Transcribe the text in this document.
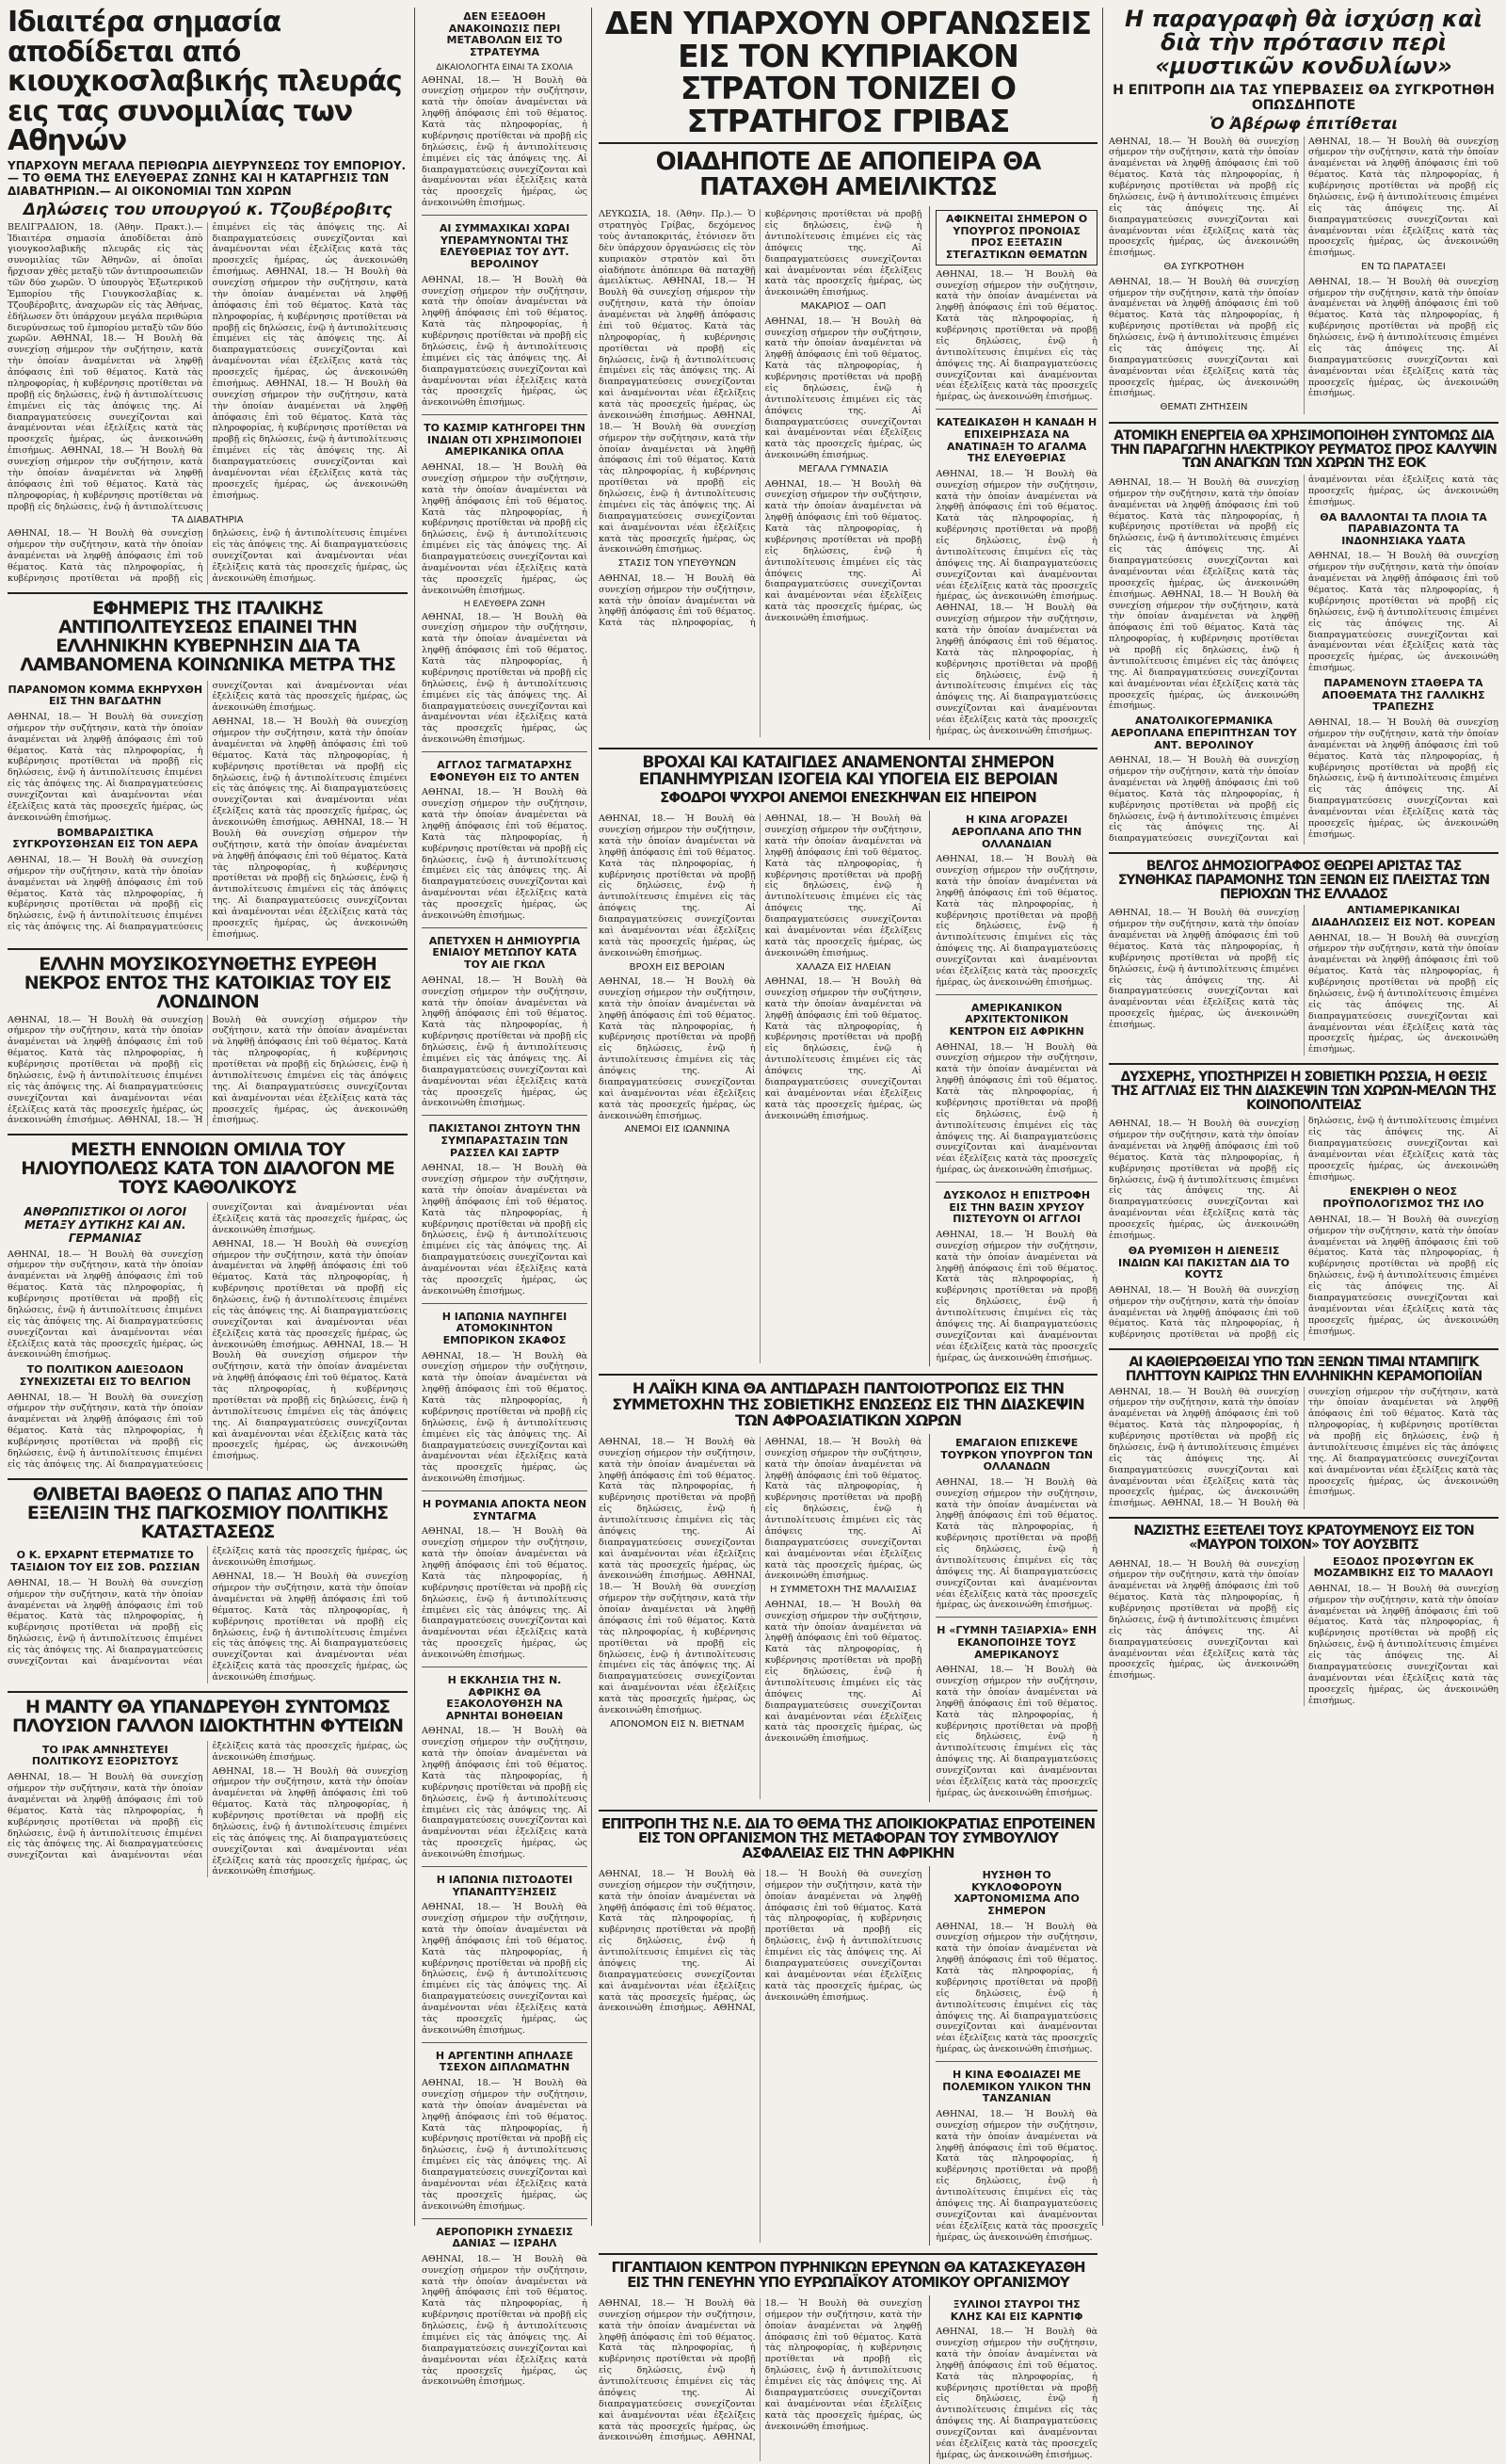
Ιδιαιτέρα σημασία αποδίδεται από κιουχκοσλαβικής πλευράς εις τας συνομιλίας των Αθηνών

ΥΠΑΡΧΟΥΝ ΜΕΓΑΛΑ ΠΕΡΙΘΩΡΙΑ ΔΙΕΥΡΥΝΣΕΩΣ ΤΟΥ ΕΜΠΟΡΙΟΥ.— ΤΟ ΘΕΜΑ ΤΗΣ ΕΛΕΥΘΕΡΑΣ ΖΩΝΗΣ ΚΑΙ Η ΚΑΤΑΡΓΗΣΙΣ ΤΩΝ ΔΙΑΒΑΤΗΡΙΩΝ.— ΑΙ ΟΙΚΟΝΟΜΙΑΙ ΤΩΝ ΧΩΡΩΝ

Δηλώσεις του υπουργού κ. Τζουβέροβιτς

ΒΕΛΙΓΡΑΔΙΟΝ, 18. (Ἀθην. Πρακτ.).— Ἰδιαιτέρα σημασία ἀποδίδεται ἀπὸ γιουγκοσλαβικῆς πλευρᾶς εἰς τὰς συνομιλίας τῶν Ἀθηνῶν, αἱ ὁποῖαι ἤρχισαν χθὲς μεταξὺ τῶν ἀντιπροσωπειῶν τῶν δύο χωρῶν. Ὁ ὑπουργὸς Ἐξωτερικοῦ Ἐμπορίου τῆς Γιουγκοσλαβίας κ. Τζουβέροβιτς, ἀναχωρῶν εἰς τὰς Ἀθήνας, ἐδήλωσεν ὅτι ὑπάρχουν μεγάλα περιθώρια διευρύνσεως τοῦ ἐμπορίου μεταξὺ τῶν δύο χωρῶν. ΑΘΗΝΑΙ, 18.— Ἡ Βουλὴ θὰ συνεχίσῃ σήμερον τὴν συζήτησιν, κατὰ τὴν ὁποίαν ἀναμένεται νὰ ληφθῇ ἀπόφασις ἐπὶ τοῦ θέματος. Κατὰ τὰς πληροφορίας, ἡ κυβέρνησις προτίθεται νὰ προβῇ εἰς δηλώσεις, ἐνῷ ἡ ἀντιπολίτευσις ἐπιμένει εἰς τὰς ἀπόψεις της. Αἱ διαπραγματεύσεις συνεχίζονται καὶ ἀναμένονται νέαι ἐξελίξεις κατὰ τὰς προσεχεῖς ἡμέρας, ὡς ἀνεκοινώθη ἐπισήμως. ΑΘΗΝΑΙ, 18.— Ἡ Βουλὴ θὰ συνεχίσῃ σήμερον τὴν συζήτησιν, κατὰ τὴν ὁποίαν ἀναμένεται νὰ ληφθῇ ἀπόφασις ἐπὶ τοῦ θέματος. Κατὰ τὰς πληροφορίας, ἡ κυβέρνησις προτίθεται νὰ προβῇ εἰς δηλώσεις, ἐνῷ ἡ ἀντιπολίτευσις ἐπιμένει εἰς τὰς ἀπόψεις της. Αἱ διαπραγματεύσεις συνεχίζονται καὶ ἀναμένονται νέαι ἐξελίξεις κατὰ τὰς προσεχεῖς ἡμέρας, ὡς ἀνεκοινώθη ἐπισήμως. ΑΘΗΝΑΙ, 18.— Ἡ Βουλὴ θὰ συνεχίσῃ σήμερον τὴν συζήτησιν, κατὰ τὴν ὁποίαν ἀναμένεται νὰ ληφθῇ ἀπόφασις ἐπὶ τοῦ θέματος. Κατὰ τὰς πληροφορίας, ἡ κυβέρνησις προτίθεται νὰ προβῇ εἰς δηλώσεις, ἐνῷ ἡ ἀντιπολίτευσις ἐπιμένει εἰς τὰς ἀπόψεις της. Αἱ διαπραγματεύσεις συνεχίζονται καὶ ἀναμένονται νέαι ἐξελίξεις κατὰ τὰς προσεχεῖς ἡμέρας, ὡς ἀνεκοινώθη ἐπισήμως. ΑΘΗΝΑΙ, 18.— Ἡ Βουλὴ θὰ συνεχίσῃ σήμερον τὴν συζήτησιν, κατὰ τὴν ὁποίαν ἀναμένεται νὰ ληφθῇ ἀπόφασις ἐπὶ τοῦ θέματος. Κατὰ τὰς πληροφορίας, ἡ κυβέρνησις προτίθεται νὰ προβῇ εἰς δηλώσεις, ἐνῷ ἡ ἀντιπολίτευσις ἐπιμένει εἰς τὰς ἀπόψεις της. Αἱ διαπραγματεύσεις συνεχίζονται καὶ ἀναμένονται νέαι ἐξελίξεις κατὰ τὰς προσεχεῖς ἡμέρας, ὡς ἀνεκοινώθη ἐπισήμως.

ΤΑ ΔΙΑΒΑΤΗΡΙΑ

ΑΘΗΝΑΙ, 18.— Ἡ Βουλὴ θὰ συνεχίσῃ σήμερον τὴν συζήτησιν, κατὰ τὴν ὁποίαν ἀναμένεται νὰ ληφθῇ ἀπόφασις ἐπὶ τοῦ θέματος. Κατὰ τὰς πληροφορίας, ἡ κυβέρνησις προτίθεται νὰ προβῇ εἰς δηλώσεις, ἐνῷ ἡ ἀντιπολίτευσις ἐπιμένει εἰς τὰς ἀπόψεις της. Αἱ διαπραγματεύσεις συνεχίζονται καὶ ἀναμένονται νέαι ἐξελίξεις κατὰ τὰς προσεχεῖς ἡμέρας, ὡς ἀνεκοινώθη ἐπισήμως.
ΕΦΗΜΕΡΙΣ ΤΗΣ ΙΤΑΛΙΚΗΣ ΑΝΤΙΠΟΛΙΤΕΥΣΕΩΣ ΕΠΑΙΝΕΙ ΤΗΝ ΕΛΛΗΝΙΚΗΝ ΚΥΒΕΡΝΗΣΙΝ ΔΙΑ ΤΑ ΛΑΜΒΑΝΟΜΕΝΑ ΚΟΙΝΩΝΙΚΑ ΜΕΤΡΑ ΤΗΣ

ΠΑΡΑΝΟΜΟΝ ΚΟΜΜΑ ΕΚΗΡΥΧΘΗ ΕΙΣ ΤΗΝ ΒΑΓΔΑΤΗΝ

ΑΘΗΝΑΙ, 18.— Ἡ Βουλὴ θὰ συνεχίσῃ σήμερον τὴν συζήτησιν, κατὰ τὴν ὁποίαν ἀναμένεται νὰ ληφθῇ ἀπόφασις ἐπὶ τοῦ θέματος. Κατὰ τὰς πληροφορίας, ἡ κυβέρνησις προτίθεται νὰ προβῇ εἰς δηλώσεις, ἐνῷ ἡ ἀντιπολίτευσις ἐπιμένει εἰς τὰς ἀπόψεις της. Αἱ διαπραγματεύσεις συνεχίζονται καὶ ἀναμένονται νέαι ἐξελίξεις κατὰ τὰς προσεχεῖς ἡμέρας, ὡς ἀνεκοινώθη ἐπισήμως.

ΒΟΜΒΑΡΔΙΣΤΙΚΑ ΣΥΓΚΡΟΥΣΘΗΣΑΝ ΕΙΣ ΤΟΝ ΑΕΡΑ

ΑΘΗΝΑΙ, 18.— Ἡ Βουλὴ θὰ συνεχίσῃ σήμερον τὴν συζήτησιν, κατὰ τὴν ὁποίαν ἀναμένεται νὰ ληφθῇ ἀπόφασις ἐπὶ τοῦ θέματος. Κατὰ τὰς πληροφορίας, ἡ κυβέρνησις προτίθεται νὰ προβῇ εἰς δηλώσεις, ἐνῷ ἡ ἀντιπολίτευσις ἐπιμένει εἰς τὰς ἀπόψεις της. Αἱ διαπραγματεύσεις συνεχίζονται καὶ ἀναμένονται νέαι ἐξελίξεις κατὰ τὰς προσεχεῖς ἡμέρας, ὡς ἀνεκοινώθη ἐπισήμως.
ΑΘΗΝΑΙ, 18.— Ἡ Βουλὴ θὰ συνεχίσῃ σήμερον τὴν συζήτησιν, κατὰ τὴν ὁποίαν ἀναμένεται νὰ ληφθῇ ἀπόφασις ἐπὶ τοῦ θέματος. Κατὰ τὰς πληροφορίας, ἡ κυβέρνησις προτίθεται νὰ προβῇ εἰς δηλώσεις, ἐνῷ ἡ ἀντιπολίτευσις ἐπιμένει εἰς τὰς ἀπόψεις της. Αἱ διαπραγματεύσεις συνεχίζονται καὶ ἀναμένονται νέαι ἐξελίξεις κατὰ τὰς προσεχεῖς ἡμέρας, ὡς ἀνεκοινώθη ἐπισήμως. ΑΘΗΝΑΙ, 18.— Ἡ Βουλὴ θὰ συνεχίσῃ σήμερον τὴν συζήτησιν, κατὰ τὴν ὁποίαν ἀναμένεται νὰ ληφθῇ ἀπόφασις ἐπὶ τοῦ θέματος. Κατὰ τὰς πληροφορίας, ἡ κυβέρνησις προτίθεται νὰ προβῇ εἰς δηλώσεις, ἐνῷ ἡ ἀντιπολίτευσις ἐπιμένει εἰς τὰς ἀπόψεις της. Αἱ διαπραγματεύσεις συνεχίζονται καὶ ἀναμένονται νέαι ἐξελίξεις κατὰ τὰς προσεχεῖς ἡμέρας, ὡς ἀνεκοινώθη ἐπισήμως.
ΕΛΛΗΝ ΜΟΥΣΙΚΟΣΥΝΘΕΤΗΣ ΕΥΡΕΘΗ ΝΕΚΡΟΣ ΕΝΤΟΣ ΤΗΣ ΚΑΤΟΙΚΙΑΣ ΤΟΥ ΕΙΣ ΛΟΝΔΙΝΟΝ
ΑΘΗΝΑΙ, 18.— Ἡ Βουλὴ θὰ συνεχίσῃ σήμερον τὴν συζήτησιν, κατὰ τὴν ὁποίαν ἀναμένεται νὰ ληφθῇ ἀπόφασις ἐπὶ τοῦ θέματος. Κατὰ τὰς πληροφορίας, ἡ κυβέρνησις προτίθεται νὰ προβῇ εἰς δηλώσεις, ἐνῷ ἡ ἀντιπολίτευσις ἐπιμένει εἰς τὰς ἀπόψεις της. Αἱ διαπραγματεύσεις συνεχίζονται καὶ ἀναμένονται νέαι ἐξελίξεις κατὰ τὰς προσεχεῖς ἡμέρας, ὡς ἀνεκοινώθη ἐπισήμως. ΑΘΗΝΑΙ, 18.— Ἡ Βουλὴ θὰ συνεχίσῃ σήμερον τὴν συζήτησιν, κατὰ τὴν ὁποίαν ἀναμένεται νὰ ληφθῇ ἀπόφασις ἐπὶ τοῦ θέματος. Κατὰ τὰς πληροφορίας, ἡ κυβέρνησις προτίθεται νὰ προβῇ εἰς δηλώσεις, ἐνῷ ἡ ἀντιπολίτευσις ἐπιμένει εἰς τὰς ἀπόψεις της. Αἱ διαπραγματεύσεις συνεχίζονται καὶ ἀναμένονται νέαι ἐξελίξεις κατὰ τὰς προσεχεῖς ἡμέρας, ὡς ἀνεκοινώθη ἐπισήμως.
ΜΕΣΤΗ ΕΝΝΟΙΩΝ ΟΜΙΛΙΑ ΤΟΥ ΗΛΙΟΥΠΟΛΕΩΣ ΚΑΤΑ ΤΟΝ ΔΙΑΛΟΓΟΝ ΜΕ ΤΟΥΣ ΚΑΘΟΛΙΚΟΥΣ

ΑΝΘΡΩΠΙΣΤΙΚΟΙ ΟΙ ΛΟΓΟΙ ΜΕΤΑΞΥ ΔΥΤΙΚΗΣ ΚΑΙ ΑΝ. ΓΕΡΜΑΝΙΑΣ

ΑΘΗΝΑΙ, 18.— Ἡ Βουλὴ θὰ συνεχίσῃ σήμερον τὴν συζήτησιν, κατὰ τὴν ὁποίαν ἀναμένεται νὰ ληφθῇ ἀπόφασις ἐπὶ τοῦ θέματος. Κατὰ τὰς πληροφορίας, ἡ κυβέρνησις προτίθεται νὰ προβῇ εἰς δηλώσεις, ἐνῷ ἡ ἀντιπολίτευσις ἐπιμένει εἰς τὰς ἀπόψεις της. Αἱ διαπραγματεύσεις συνεχίζονται καὶ ἀναμένονται νέαι ἐξελίξεις κατὰ τὰς προσεχεῖς ἡμέρας, ὡς ἀνεκοινώθη ἐπισήμως.

ΤΟ ΠΟΛΙΤΙΚΟΝ ΑΔΙΕΞΟΔΟΝ ΣΥΝΕΧΙΖΕΤΑΙ ΕΙΣ ΤΟ ΒΕΛΓΙΟΝ

ΑΘΗΝΑΙ, 18.— Ἡ Βουλὴ θὰ συνεχίσῃ σήμερον τὴν συζήτησιν, κατὰ τὴν ὁποίαν ἀναμένεται νὰ ληφθῇ ἀπόφασις ἐπὶ τοῦ θέματος. Κατὰ τὰς πληροφορίας, ἡ κυβέρνησις προτίθεται νὰ προβῇ εἰς δηλώσεις, ἐνῷ ἡ ἀντιπολίτευσις ἐπιμένει εἰς τὰς ἀπόψεις της. Αἱ διαπραγματεύσεις συνεχίζονται καὶ ἀναμένονται νέαι ἐξελίξεις κατὰ τὰς προσεχεῖς ἡμέρας, ὡς ἀνεκοινώθη ἐπισήμως.
ΑΘΗΝΑΙ, 18.— Ἡ Βουλὴ θὰ συνεχίσῃ σήμερον τὴν συζήτησιν, κατὰ τὴν ὁποίαν ἀναμένεται νὰ ληφθῇ ἀπόφασις ἐπὶ τοῦ θέματος. Κατὰ τὰς πληροφορίας, ἡ κυβέρνησις προτίθεται νὰ προβῇ εἰς δηλώσεις, ἐνῷ ἡ ἀντιπολίτευσις ἐπιμένει εἰς τὰς ἀπόψεις της. Αἱ διαπραγματεύσεις συνεχίζονται καὶ ἀναμένονται νέαι ἐξελίξεις κατὰ τὰς προσεχεῖς ἡμέρας, ὡς ἀνεκοινώθη ἐπισήμως. ΑΘΗΝΑΙ, 18.— Ἡ Βουλὴ θὰ συνεχίσῃ σήμερον τὴν συζήτησιν, κατὰ τὴν ὁποίαν ἀναμένεται νὰ ληφθῇ ἀπόφασις ἐπὶ τοῦ θέματος. Κατὰ τὰς πληροφορίας, ἡ κυβέρνησις προτίθεται νὰ προβῇ εἰς δηλώσεις, ἐνῷ ἡ ἀντιπολίτευσις ἐπιμένει εἰς τὰς ἀπόψεις της. Αἱ διαπραγματεύσεις συνεχίζονται καὶ ἀναμένονται νέαι ἐξελίξεις κατὰ τὰς προσεχεῖς ἡμέρας, ὡς ἀνεκοινώθη ἐπισήμως.
ΘΛΙΒΕΤΑΙ ΒΑΘΕΩΣ Ο ΠΑΠΑΣ ΑΠΟ ΤΗΝ ΕΞΕΛΙΞΙΝ ΤΗΣ ΠΑΓΚΟΣΜΙΟΥ ΠΟΛΙΤΙΚΗΣ ΚΑΤΑΣΤΑΣΕΩΣ

Ο Κ. ΕΡΧΑΡΝΤ ΕΤΕΡΜΑΤΙΣΕ ΤΟ ΤΑΞΙΔΙΟΝ ΤΟΥ ΕΙΣ ΣΟΒ. ΡΩΣΣΙΑΝ

ΑΘΗΝΑΙ, 18.— Ἡ Βουλὴ θὰ συνεχίσῃ σήμερον τὴν συζήτησιν, κατὰ τὴν ὁποίαν ἀναμένεται νὰ ληφθῇ ἀπόφασις ἐπὶ τοῦ θέματος. Κατὰ τὰς πληροφορίας, ἡ κυβέρνησις προτίθεται νὰ προβῇ εἰς δηλώσεις, ἐνῷ ἡ ἀντιπολίτευσις ἐπιμένει εἰς τὰς ἀπόψεις της. Αἱ διαπραγματεύσεις συνεχίζονται καὶ ἀναμένονται νέαι ἐξελίξεις κατὰ τὰς προσεχεῖς ἡμέρας, ὡς ἀνεκοινώθη ἐπισήμως.
ΑΘΗΝΑΙ, 18.— Ἡ Βουλὴ θὰ συνεχίσῃ σήμερον τὴν συζήτησιν, κατὰ τὴν ὁποίαν ἀναμένεται νὰ ληφθῇ ἀπόφασις ἐπὶ τοῦ θέματος. Κατὰ τὰς πληροφορίας, ἡ κυβέρνησις προτίθεται νὰ προβῇ εἰς δηλώσεις, ἐνῷ ἡ ἀντιπολίτευσις ἐπιμένει εἰς τὰς ἀπόψεις της. Αἱ διαπραγματεύσεις συνεχίζονται καὶ ἀναμένονται νέαι ἐξελίξεις κατὰ τὰς προσεχεῖς ἡμέρας, ὡς ἀνεκοινώθη ἐπισήμως.
Η ΜΑΝΤΥ ΘΑ ΥΠΑΝΔΡΕΥΘΗ ΣΥΝΤΟΜΩΣ ΠΛΟΥΣΙΟΝ ΓΑΛΛΟΝ ΙΔΙΟΚΤΗΤΗΝ ΦΥΤΕΙΩΝ

ΤΟ ΙΡΑΚ ΑΜΝΗΣΤΕΥΕΙ ΠΟΛΙΤΙΚΟΥΣ ΕΞΟΡΙΣΤΟΥΣ

ΑΘΗΝΑΙ, 18.— Ἡ Βουλὴ θὰ συνεχίσῃ σήμερον τὴν συζήτησιν, κατὰ τὴν ὁποίαν ἀναμένεται νὰ ληφθῇ ἀπόφασις ἐπὶ τοῦ θέματος. Κατὰ τὰς πληροφορίας, ἡ κυβέρνησις προτίθεται νὰ προβῇ εἰς δηλώσεις, ἐνῷ ἡ ἀντιπολίτευσις ἐπιμένει εἰς τὰς ἀπόψεις της. Αἱ διαπραγματεύσεις συνεχίζονται καὶ ἀναμένονται νέαι ἐξελίξεις κατὰ τὰς προσεχεῖς ἡμέρας, ὡς ἀνεκοινώθη ἐπισήμως.
ΑΘΗΝΑΙ, 18.— Ἡ Βουλὴ θὰ συνεχίσῃ σήμερον τὴν συζήτησιν, κατὰ τὴν ὁποίαν ἀναμένεται νὰ ληφθῇ ἀπόφασις ἐπὶ τοῦ θέματος. Κατὰ τὰς πληροφορίας, ἡ κυβέρνησις προτίθεται νὰ προβῇ εἰς δηλώσεις, ἐνῷ ἡ ἀντιπολίτευσις ἐπιμένει εἰς τὰς ἀπόψεις της. Αἱ διαπραγματεύσεις συνεχίζονται καὶ ἀναμένονται νέαι ἐξελίξεις κατὰ τὰς προσεχεῖς ἡμέρας, ὡς ἀνεκοινώθη ἐπισήμως.

ΔΕΝ ΕΞΕΔΟΘΗ ΑΝΑΚΟΙΝΩΣΙΣ ΠΕΡΙ ΜΕΤΑΒΟΛΩΝ ΕΙΣ ΤΟ ΣΤΡΑΤΕΥΜΑ

ΔΙΚΑΙΟΛΟΓΗΤΑ ΕΙΝΑΙ ΤΑ ΣΧΟΛΙΑ

ΑΘΗΝΑΙ, 18.— Ἡ Βουλὴ θὰ συνεχίσῃ σήμερον τὴν συζήτησιν, κατὰ τὴν ὁποίαν ἀναμένεται νὰ ληφθῇ ἀπόφασις ἐπὶ τοῦ θέματος. Κατὰ τὰς πληροφορίας, ἡ κυβέρνησις προτίθεται νὰ προβῇ εἰς δηλώσεις, ἐνῷ ἡ ἀντιπολίτευσις ἐπιμένει εἰς τὰς ἀπόψεις της. Αἱ διαπραγματεύσεις συνεχίζονται καὶ ἀναμένονται νέαι ἐξελίξεις κατὰ τὰς προσεχεῖς ἡμέρας, ὡς ἀνεκοινώθη ἐπισήμως.

ΑΙ ΣΥΜΜΑΧΙΚΑΙ ΧΩΡΑΙ ΥΠΕΡΑΜΥΝΟΝΤΑΙ ΤΗΣ ΕΛΕΥΘΕΡΙΑΣ ΤΟΥ ΔΥΤ. ΒΕΡΟΛΙΝΟΥ

ΑΘΗΝΑΙ, 18.— Ἡ Βουλὴ θὰ συνεχίσῃ σήμερον τὴν συζήτησιν, κατὰ τὴν ὁποίαν ἀναμένεται νὰ ληφθῇ ἀπόφασις ἐπὶ τοῦ θέματος. Κατὰ τὰς πληροφορίας, ἡ κυβέρνησις προτίθεται νὰ προβῇ εἰς δηλώσεις, ἐνῷ ἡ ἀντιπολίτευσις ἐπιμένει εἰς τὰς ἀπόψεις της. Αἱ διαπραγματεύσεις συνεχίζονται καὶ ἀναμένονται νέαι ἐξελίξεις κατὰ τὰς προσεχεῖς ἡμέρας, ὡς ἀνεκοινώθη ἐπισήμως.

ΤΟ ΚΑΣΜΙΡ ΚΑΤΗΓΟΡΕΙ ΤΗΝ ΙΝΔΙΑΝ ΟΤΙ ΧΡΗΣΙΜΟΠΟΙΕΙ ΑΜΕΡΙΚΑΝΙΚΑ ΟΠΛΑ

ΑΘΗΝΑΙ, 18.— Ἡ Βουλὴ θὰ συνεχίσῃ σήμερον τὴν συζήτησιν, κατὰ τὴν ὁποίαν ἀναμένεται νὰ ληφθῇ ἀπόφασις ἐπὶ τοῦ θέματος. Κατὰ τὰς πληροφορίας, ἡ κυβέρνησις προτίθεται νὰ προβῇ εἰς δηλώσεις, ἐνῷ ἡ ἀντιπολίτευσις ἐπιμένει εἰς τὰς ἀπόψεις της. Αἱ διαπραγματεύσεις συνεχίζονται καὶ ἀναμένονται νέαι ἐξελίξεις κατὰ τὰς προσεχεῖς ἡμέρας, ὡς ἀνεκοινώθη ἐπισήμως.

Η ΕΛΕΥΘΕΡΑ ΖΩΝΗ

ΑΘΗΝΑΙ, 18.— Ἡ Βουλὴ θὰ συνεχίσῃ σήμερον τὴν συζήτησιν, κατὰ τὴν ὁποίαν ἀναμένεται νὰ ληφθῇ ἀπόφασις ἐπὶ τοῦ θέματος. Κατὰ τὰς πληροφορίας, ἡ κυβέρνησις προτίθεται νὰ προβῇ εἰς δηλώσεις, ἐνῷ ἡ ἀντιπολίτευσις ἐπιμένει εἰς τὰς ἀπόψεις της. Αἱ διαπραγματεύσεις συνεχίζονται καὶ ἀναμένονται νέαι ἐξελίξεις κατὰ τὰς προσεχεῖς ἡμέρας, ὡς ἀνεκοινώθη ἐπισήμως.

ΑΓΓΛΟΣ ΤΑΓΜΑΤΑΡΧΗΣ ΕΦΟΝΕΥΘΗ ΕΙΣ ΤΟ ΑΝΤΕΝ

ΑΘΗΝΑΙ, 18.— Ἡ Βουλὴ θὰ συνεχίσῃ σήμερον τὴν συζήτησιν, κατὰ τὴν ὁποίαν ἀναμένεται νὰ ληφθῇ ἀπόφασις ἐπὶ τοῦ θέματος. Κατὰ τὰς πληροφορίας, ἡ κυβέρνησις προτίθεται νὰ προβῇ εἰς δηλώσεις, ἐνῷ ἡ ἀντιπολίτευσις ἐπιμένει εἰς τὰς ἀπόψεις της. Αἱ διαπραγματεύσεις συνεχίζονται καὶ ἀναμένονται νέαι ἐξελίξεις κατὰ τὰς προσεχεῖς ἡμέρας, ὡς ἀνεκοινώθη ἐπισήμως.

ΑΠΕΤΥΧΕΝ Η ΔΗΜΙΟΥΡΓΙΑ ΕΝΙΑΙΟΥ ΜΕΤΩΠΟΥ ΚΑΤΑ ΤΟΥ ΑΙΕ ΓΚΩΛ

ΑΘΗΝΑΙ, 18.— Ἡ Βουλὴ θὰ συνεχίσῃ σήμερον τὴν συζήτησιν, κατὰ τὴν ὁποίαν ἀναμένεται νὰ ληφθῇ ἀπόφασις ἐπὶ τοῦ θέματος. Κατὰ τὰς πληροφορίας, ἡ κυβέρνησις προτίθεται νὰ προβῇ εἰς δηλώσεις, ἐνῷ ἡ ἀντιπολίτευσις ἐπιμένει εἰς τὰς ἀπόψεις της. Αἱ διαπραγματεύσεις συνεχίζονται καὶ ἀναμένονται νέαι ἐξελίξεις κατὰ τὰς προσεχεῖς ἡμέρας, ὡς ἀνεκοινώθη ἐπισήμως.

ΠΑΚΙΣΤΑΝΟΙ ΖΗΤΟΥΝ ΤΗΝ ΣΥΜΠΑΡΑΣΤΑΣΙΝ ΤΩΝ ΡΑΣΣΕΛ ΚΑΙ ΣΑΡΤΡ

ΑΘΗΝΑΙ, 18.— Ἡ Βουλὴ θὰ συνεχίσῃ σήμερον τὴν συζήτησιν, κατὰ τὴν ὁποίαν ἀναμένεται νὰ ληφθῇ ἀπόφασις ἐπὶ τοῦ θέματος. Κατὰ τὰς πληροφορίας, ἡ κυβέρνησις προτίθεται νὰ προβῇ εἰς δηλώσεις, ἐνῷ ἡ ἀντιπολίτευσις ἐπιμένει εἰς τὰς ἀπόψεις της. Αἱ διαπραγματεύσεις συνεχίζονται καὶ ἀναμένονται νέαι ἐξελίξεις κατὰ τὰς προσεχεῖς ἡμέρας, ὡς ἀνεκοινώθη ἐπισήμως.

Η ΙΑΠΩΝΙΑ ΝΑΥΠΗΓΕΙ ΑΤΟΜΟΚΙΝΗΤΟΝ ΕΜΠΟΡΙΚΟΝ ΣΚΑΦΟΣ

ΑΘΗΝΑΙ, 18.— Ἡ Βουλὴ θὰ συνεχίσῃ σήμερον τὴν συζήτησιν, κατὰ τὴν ὁποίαν ἀναμένεται νὰ ληφθῇ ἀπόφασις ἐπὶ τοῦ θέματος. Κατὰ τὰς πληροφορίας, ἡ κυβέρνησις προτίθεται νὰ προβῇ εἰς δηλώσεις, ἐνῷ ἡ ἀντιπολίτευσις ἐπιμένει εἰς τὰς ἀπόψεις της. Αἱ διαπραγματεύσεις συνεχίζονται καὶ ἀναμένονται νέαι ἐξελίξεις κατὰ τὰς προσεχεῖς ἡμέρας, ὡς ἀνεκοινώθη ἐπισήμως.

Η ΡΟΥΜΑΝΙΑ ΑΠΟΚΤΑ ΝΕΟΝ ΣΥΝΤΑΓΜΑ

ΑΘΗΝΑΙ, 18.— Ἡ Βουλὴ θὰ συνεχίσῃ σήμερον τὴν συζήτησιν, κατὰ τὴν ὁποίαν ἀναμένεται νὰ ληφθῇ ἀπόφασις ἐπὶ τοῦ θέματος. Κατὰ τὰς πληροφορίας, ἡ κυβέρνησις προτίθεται νὰ προβῇ εἰς δηλώσεις, ἐνῷ ἡ ἀντιπολίτευσις ἐπιμένει εἰς τὰς ἀπόψεις της. Αἱ διαπραγματεύσεις συνεχίζονται καὶ ἀναμένονται νέαι ἐξελίξεις κατὰ τὰς προσεχεῖς ἡμέρας, ὡς ἀνεκοινώθη ἐπισήμως.

Η ΕΚΚΛΗΣΙΑ ΤΗΣ Ν. ΑΦΡΙΚΗΣ ΘΑ ΕΞΑΚΟΛΟΥΘΗΣΗ ΝΑ ΑΡΝΗΤΑΙ ΒΟΗΘΕΙΑΝ

ΑΘΗΝΑΙ, 18.— Ἡ Βουλὴ θὰ συνεχίσῃ σήμερον τὴν συζήτησιν, κατὰ τὴν ὁποίαν ἀναμένεται νὰ ληφθῇ ἀπόφασις ἐπὶ τοῦ θέματος. Κατὰ τὰς πληροφορίας, ἡ κυβέρνησις προτίθεται νὰ προβῇ εἰς δηλώσεις, ἐνῷ ἡ ἀντιπολίτευσις ἐπιμένει εἰς τὰς ἀπόψεις της. Αἱ διαπραγματεύσεις συνεχίζονται καὶ ἀναμένονται νέαι ἐξελίξεις κατὰ τὰς προσεχεῖς ἡμέρας, ὡς ἀνεκοινώθη ἐπισήμως.

Η ΙΑΠΩΝΙΑ ΠΙΣΤΟΔΟΤΕΙ ΥΠΑΝΑΠΤΥΞΗΣΕΙΣ

ΑΘΗΝΑΙ, 18.— Ἡ Βουλὴ θὰ συνεχίσῃ σήμερον τὴν συζήτησιν, κατὰ τὴν ὁποίαν ἀναμένεται νὰ ληφθῇ ἀπόφασις ἐπὶ τοῦ θέματος. Κατὰ τὰς πληροφορίας, ἡ κυβέρνησις προτίθεται νὰ προβῇ εἰς δηλώσεις, ἐνῷ ἡ ἀντιπολίτευσις ἐπιμένει εἰς τὰς ἀπόψεις της. Αἱ διαπραγματεύσεις συνεχίζονται καὶ ἀναμένονται νέαι ἐξελίξεις κατὰ τὰς προσεχεῖς ἡμέρας, ὡς ἀνεκοινώθη ἐπισήμως.

Η ΑΡΓΕΝΤΙΝΗ ΑΠΗΛΑΣΕ ΤΣΕΧΟΝ ΔΙΠΛΩΜΑΤΗΝ

ΑΘΗΝΑΙ, 18.— Ἡ Βουλὴ θὰ συνεχίσῃ σήμερον τὴν συζήτησιν, κατὰ τὴν ὁποίαν ἀναμένεται νὰ ληφθῇ ἀπόφασις ἐπὶ τοῦ θέματος. Κατὰ τὰς πληροφορίας, ἡ κυβέρνησις προτίθεται νὰ προβῇ εἰς δηλώσεις, ἐνῷ ἡ ἀντιπολίτευσις ἐπιμένει εἰς τὰς ἀπόψεις της. Αἱ διαπραγματεύσεις συνεχίζονται καὶ ἀναμένονται νέαι ἐξελίξεις κατὰ τὰς προσεχεῖς ἡμέρας, ὡς ἀνεκοινώθη ἐπισήμως.

ΑΕΡΟΠΟΡΙΚΗ ΣΥΝΔΕΣΙΣ ΔΑΝΙΑΣ — ΙΣΡΑΗΛ

ΑΘΗΝΑΙ, 18.— Ἡ Βουλὴ θὰ συνεχίσῃ σήμερον τὴν συζήτησιν, κατὰ τὴν ὁποίαν ἀναμένεται νὰ ληφθῇ ἀπόφασις ἐπὶ τοῦ θέματος. Κατὰ τὰς πληροφορίας, ἡ κυβέρνησις προτίθεται νὰ προβῇ εἰς δηλώσεις, ἐνῷ ἡ ἀντιπολίτευσις ἐπιμένει εἰς τὰς ἀπόψεις της. Αἱ διαπραγματεύσεις συνεχίζονται καὶ ἀναμένονται νέαι ἐξελίξεις κατὰ τὰς προσεχεῖς ἡμέρας, ὡς ἀνεκοινώθη ἐπισήμως.
ΔΕΝ ΥΠΑΡΧΟΥΝ ΟΡΓΑΝΩΣΕΙΣ ΕΙΣ ΤΟΝ ΚΥΠΡΙΑΚΟΝ ΣΤΡΑΤΟΝ ΤΟΝΙΖΕΙ Ο ΣΤΡΑΤΗΓΟΣ ΓΡΙΒΑΣ
ΟΙΑΔΗΠΟΤΕ ΔΕ ΑΠΟΠΕΙΡΑ ΘΑ ΠΑΤΑΧΘΗ ΑΜΕΙΛΙΚΤΩΣ
ΛΕΥΚΩΣΙΑ, 18. (Ἀθην. Πρ.).— Ὁ στρατηγὸς Γρίβας, δεχόμενος τοὺς ἀνταποκριτάς, ἐτόνισεν ὅτι δὲν ὑπάρχουν ὀργανώσεις εἰς τὸν κυπριακὸν στρατὸν καὶ ὅτι οἱαδήποτε ἀπόπειρα θὰ παταχθῇ ἀμειλίκτως. ΑΘΗΝΑΙ, 18.— Ἡ Βουλὴ θὰ συνεχίσῃ σήμερον τὴν συζήτησιν, κατὰ τὴν ὁποίαν ἀναμένεται νὰ ληφθῇ ἀπόφασις ἐπὶ τοῦ θέματος. Κατὰ τὰς πληροφορίας, ἡ κυβέρνησις προτίθεται νὰ προβῇ εἰς δηλώσεις, ἐνῷ ἡ ἀντιπολίτευσις ἐπιμένει εἰς τὰς ἀπόψεις της. Αἱ διαπραγματεύσεις συνεχίζονται καὶ ἀναμένονται νέαι ἐξελίξεις κατὰ τὰς προσεχεῖς ἡμέρας, ὡς ἀνεκοινώθη ἐπισήμως. ΑΘΗΝΑΙ, 18.— Ἡ Βουλὴ θὰ συνεχίσῃ σήμερον τὴν συζήτησιν, κατὰ τὴν ὁποίαν ἀναμένεται νὰ ληφθῇ ἀπόφασις ἐπὶ τοῦ θέματος. Κατὰ τὰς πληροφορίας, ἡ κυβέρνησις προτίθεται νὰ προβῇ εἰς δηλώσεις, ἐνῷ ἡ ἀντιπολίτευσις ἐπιμένει εἰς τὰς ἀπόψεις της. Αἱ διαπραγματεύσεις συνεχίζονται καὶ ἀναμένονται νέαι ἐξελίξεις κατὰ τὰς προσεχεῖς ἡμέρας, ὡς ἀνεκοινώθη ἐπισήμως.

ΣΤΑΣΙΣ ΤΟΝ ΥΠΕΥΘΥΝΩΝ

ΑΘΗΝΑΙ, 18.— Ἡ Βουλὴ θὰ συνεχίσῃ σήμερον τὴν συζήτησιν, κατὰ τὴν ὁποίαν ἀναμένεται νὰ ληφθῇ ἀπόφασις ἐπὶ τοῦ θέματος. Κατὰ τὰς πληροφορίας, ἡ κυβέρνησις προτίθεται νὰ προβῇ εἰς δηλώσεις, ἐνῷ ἡ ἀντιπολίτευσις ἐπιμένει εἰς τὰς ἀπόψεις της. Αἱ διαπραγματεύσεις συνεχίζονται καὶ ἀναμένονται νέαι ἐξελίξεις κατὰ τὰς προσεχεῖς ἡμέρας, ὡς ἀνεκοινώθη ἐπισήμως.

ΜΑΚΑΡΙΟΣ — ΟΑΠ

ΑΘΗΝΑΙ, 18.— Ἡ Βουλὴ θὰ συνεχίσῃ σήμερον τὴν συζήτησιν, κατὰ τὴν ὁποίαν ἀναμένεται νὰ ληφθῇ ἀπόφασις ἐπὶ τοῦ θέματος. Κατὰ τὰς πληροφορίας, ἡ κυβέρνησις προτίθεται νὰ προβῇ εἰς δηλώσεις, ἐνῷ ἡ ἀντιπολίτευσις ἐπιμένει εἰς τὰς ἀπόψεις της. Αἱ διαπραγματεύσεις συνεχίζονται καὶ ἀναμένονται νέαι ἐξελίξεις κατὰ τὰς προσεχεῖς ἡμέρας, ὡς ἀνεκοινώθη ἐπισήμως.

ΜΕΓΑΛΑ ΓΥΜΝΑΣΙΑ

ΑΘΗΝΑΙ, 18.— Ἡ Βουλὴ θὰ συνεχίσῃ σήμερον τὴν συζήτησιν, κατὰ τὴν ὁποίαν ἀναμένεται νὰ ληφθῇ ἀπόφασις ἐπὶ τοῦ θέματος. Κατὰ τὰς πληροφορίας, ἡ κυβέρνησις προτίθεται νὰ προβῇ εἰς δηλώσεις, ἐνῷ ἡ ἀντιπολίτευσις ἐπιμένει εἰς τὰς ἀπόψεις της. Αἱ διαπραγματεύσεις συνεχίζονται καὶ ἀναμένονται νέαι ἐξελίξεις κατὰ τὰς προσεχεῖς ἡμέρας, ὡς ἀνεκοινώθη ἐπισήμως.

ΑΦΙΚΝΕΙΤΑΙ ΣΗΜΕΡΟΝ Ο ΥΠΟΥΡΓΟΣ ΠΡΟΝΟΙΑΣ ΠΡΟΣ ΕΞΕΤΑΣΙΝ ΣΤΕΓΑΣΤΙΚΩΝ ΘΕΜΑΤΩΝ

ΑΘΗΝΑΙ, 18.— Ἡ Βουλὴ θὰ συνεχίσῃ σήμερον τὴν συζήτησιν, κατὰ τὴν ὁποίαν ἀναμένεται νὰ ληφθῇ ἀπόφασις ἐπὶ τοῦ θέματος. Κατὰ τὰς πληροφορίας, ἡ κυβέρνησις προτίθεται νὰ προβῇ εἰς δηλώσεις, ἐνῷ ἡ ἀντιπολίτευσις ἐπιμένει εἰς τὰς ἀπόψεις της. Αἱ διαπραγματεύσεις συνεχίζονται καὶ ἀναμένονται νέαι ἐξελίξεις κατὰ τὰς προσεχεῖς ἡμέρας, ὡς ἀνεκοινώθη ἐπισήμως.

ΚΑΤΕΔΙΚΑΣΘΗ Η ΚΑΝΑΔΗ Η ΕΠΙΧΕΙΡΗΣΑΣΑ ΝΑ ΑΝΑΤΙΝΑΞΗ ΤΟ ΑΓΑΛΜΑ ΤΗΣ ΕΛΕΥΘΕΡΙΑΣ

ΑΘΗΝΑΙ, 18.— Ἡ Βουλὴ θὰ συνεχίσῃ σήμερον τὴν συζήτησιν, κατὰ τὴν ὁποίαν ἀναμένεται νὰ ληφθῇ ἀπόφασις ἐπὶ τοῦ θέματος. Κατὰ τὰς πληροφορίας, ἡ κυβέρνησις προτίθεται νὰ προβῇ εἰς δηλώσεις, ἐνῷ ἡ ἀντιπολίτευσις ἐπιμένει εἰς τὰς ἀπόψεις της. Αἱ διαπραγματεύσεις συνεχίζονται καὶ ἀναμένονται νέαι ἐξελίξεις κατὰ τὰς προσεχεῖς ἡμέρας, ὡς ἀνεκοινώθη ἐπισήμως. ΑΘΗΝΑΙ, 18.— Ἡ Βουλὴ θὰ συνεχίσῃ σήμερον τὴν συζήτησιν, κατὰ τὴν ὁποίαν ἀναμένεται νὰ ληφθῇ ἀπόφασις ἐπὶ τοῦ θέματος. Κατὰ τὰς πληροφορίας, ἡ κυβέρνησις προτίθεται νὰ προβῇ εἰς δηλώσεις, ἐνῷ ἡ ἀντιπολίτευσις ἐπιμένει εἰς τὰς ἀπόψεις της. Αἱ διαπραγματεύσεις συνεχίζονται καὶ ἀναμένονται νέαι ἐξελίξεις κατὰ τὰς προσεχεῖς ἡμέρας, ὡς ἀνεκοινώθη ἐπισήμως.
ΒΡΟΧΑΙ ΚΑΙ ΚΑΤΑΙΓΙΔΕΣ ΑΝΑΜΕΝΟΝΤΑΙ ΣΗΜΕΡΟΝ ΕΠΑΝΗΜΥΡΙΣΑΝ ΙΣΟΓΕΙΑ ΚΑΙ ΥΠΟΓΕΙΑ ΕΙΣ ΒΕΡΟΙΑΝ
ΣΦΟΔΡΟΙ ΨΥΧΡΟΙ ΑΝΕΜΟΙ ΕΝΕΣΚΗΨΑΝ ΕΙΣ ΗΠΕΙΡΟΝ
ΑΘΗΝΑΙ, 18.— Ἡ Βουλὴ θὰ συνεχίσῃ σήμερον τὴν συζήτησιν, κατὰ τὴν ὁποίαν ἀναμένεται νὰ ληφθῇ ἀπόφασις ἐπὶ τοῦ θέματος. Κατὰ τὰς πληροφορίας, ἡ κυβέρνησις προτίθεται νὰ προβῇ εἰς δηλώσεις, ἐνῷ ἡ ἀντιπολίτευσις ἐπιμένει εἰς τὰς ἀπόψεις της. Αἱ διαπραγματεύσεις συνεχίζονται καὶ ἀναμένονται νέαι ἐξελίξεις κατὰ τὰς προσεχεῖς ἡμέρας, ὡς ἀνεκοινώθη ἐπισήμως.

ΒΡΟΧΗ ΕΙΣ ΒΕΡΟΙΑΝ

ΑΘΗΝΑΙ, 18.— Ἡ Βουλὴ θὰ συνεχίσῃ σήμερον τὴν συζήτησιν, κατὰ τὴν ὁποίαν ἀναμένεται νὰ ληφθῇ ἀπόφασις ἐπὶ τοῦ θέματος. Κατὰ τὰς πληροφορίας, ἡ κυβέρνησις προτίθεται νὰ προβῇ εἰς δηλώσεις, ἐνῷ ἡ ἀντιπολίτευσις ἐπιμένει εἰς τὰς ἀπόψεις της. Αἱ διαπραγματεύσεις συνεχίζονται καὶ ἀναμένονται νέαι ἐξελίξεις κατὰ τὰς προσεχεῖς ἡμέρας, ὡς ἀνεκοινώθη ἐπισήμως.

ΑΝΕΜΟΙ ΕΙΣ ΙΩΑΝΝΙΝΑ

ΑΘΗΝΑΙ, 18.— Ἡ Βουλὴ θὰ συνεχίσῃ σήμερον τὴν συζήτησιν, κατὰ τὴν ὁποίαν ἀναμένεται νὰ ληφθῇ ἀπόφασις ἐπὶ τοῦ θέματος. Κατὰ τὰς πληροφορίας, ἡ κυβέρνησις προτίθεται νὰ προβῇ εἰς δηλώσεις, ἐνῷ ἡ ἀντιπολίτευσις ἐπιμένει εἰς τὰς ἀπόψεις της. Αἱ διαπραγματεύσεις συνεχίζονται καὶ ἀναμένονται νέαι ἐξελίξεις κατὰ τὰς προσεχεῖς ἡμέρας, ὡς ἀνεκοινώθη ἐπισήμως.

ΧΑΛΑΖΑ ΕΙΣ ΗΛΕΙΑΝ

ΑΘΗΝΑΙ, 18.— Ἡ Βουλὴ θὰ συνεχίσῃ σήμερον τὴν συζήτησιν, κατὰ τὴν ὁποίαν ἀναμένεται νὰ ληφθῇ ἀπόφασις ἐπὶ τοῦ θέματος. Κατὰ τὰς πληροφορίας, ἡ κυβέρνησις προτίθεται νὰ προβῇ εἰς δηλώσεις, ἐνῷ ἡ ἀντιπολίτευσις ἐπιμένει εἰς τὰς ἀπόψεις της. Αἱ διαπραγματεύσεις συνεχίζονται καὶ ἀναμένονται νέαι ἐξελίξεις κατὰ τὰς προσεχεῖς ἡμέρας, ὡς ἀνεκοινώθη ἐπισήμως.

Η ΚΙΝΑ ΑΓΟΡΑΖΕΙ ΑΕΡΟΠΛΑΝΑ ΑΠΟ ΤΗΝ ΟΛΛΑΝΔΙΑΝ

ΑΘΗΝΑΙ, 18.— Ἡ Βουλὴ θὰ συνεχίσῃ σήμερον τὴν συζήτησιν, κατὰ τὴν ὁποίαν ἀναμένεται νὰ ληφθῇ ἀπόφασις ἐπὶ τοῦ θέματος. Κατὰ τὰς πληροφορίας, ἡ κυβέρνησις προτίθεται νὰ προβῇ εἰς δηλώσεις, ἐνῷ ἡ ἀντιπολίτευσις ἐπιμένει εἰς τὰς ἀπόψεις της. Αἱ διαπραγματεύσεις συνεχίζονται καὶ ἀναμένονται νέαι ἐξελίξεις κατὰ τὰς προσεχεῖς ἡμέρας, ὡς ἀνεκοινώθη ἐπισήμως.

ΑΜΕΡΙΚΑΝΙΚΟΝ ΑΡΧΙΤΕΚΤΟΝΙΚΟΝ ΚΕΝΤΡΟΝ ΕΙΣ ΑΦΡΙΚΗΝ

ΑΘΗΝΑΙ, 18.— Ἡ Βουλὴ θὰ συνεχίσῃ σήμερον τὴν συζήτησιν, κατὰ τὴν ὁποίαν ἀναμένεται νὰ ληφθῇ ἀπόφασις ἐπὶ τοῦ θέματος. Κατὰ τὰς πληροφορίας, ἡ κυβέρνησις προτίθεται νὰ προβῇ εἰς δηλώσεις, ἐνῷ ἡ ἀντιπολίτευσις ἐπιμένει εἰς τὰς ἀπόψεις της. Αἱ διαπραγματεύσεις συνεχίζονται καὶ ἀναμένονται νέαι ἐξελίξεις κατὰ τὰς προσεχεῖς ἡμέρας, ὡς ἀνεκοινώθη ἐπισήμως.

ΔΥΣΚΟΛΟΣ Η ΕΠΙΣΤΡΟΦΗ ΕΙΣ ΤΗΝ ΒΑΣΙΝ ΧΡΥΣΟΥ ΠΙΣΤΕΥΟΥΝ ΟΙ ΑΓΓΛΟΙ

ΑΘΗΝΑΙ, 18.— Ἡ Βουλὴ θὰ συνεχίσῃ σήμερον τὴν συζήτησιν, κατὰ τὴν ὁποίαν ἀναμένεται νὰ ληφθῇ ἀπόφασις ἐπὶ τοῦ θέματος. Κατὰ τὰς πληροφορίας, ἡ κυβέρνησις προτίθεται νὰ προβῇ εἰς δηλώσεις, ἐνῷ ἡ ἀντιπολίτευσις ἐπιμένει εἰς τὰς ἀπόψεις της. Αἱ διαπραγματεύσεις συνεχίζονται καὶ ἀναμένονται νέαι ἐξελίξεις κατὰ τὰς προσεχεῖς ἡμέρας, ὡς ἀνεκοινώθη ἐπισήμως.
Η ΛΑΪΚΗ ΚΙΝΑ ΘΑ ΑΝΤΙΔΡΑΣΗ ΠΑΝΤΟΙΟΤΡΟΠΩΣ ΕΙΣ ΤΗΝ ΣΥΜΜΕΤΟΧΗΝ ΤΗΣ ΣΟΒΙΕΤΙΚΗΣ ΕΝΩΣΕΩΣ ΕΙΣ ΤΗΝ ΔΙΑΣΚΕΨΙΝ ΤΩΝ ΑΦΡΟΑΣΙΑΤΙΚΩΝ ΧΩΡΩΝ
ΑΘΗΝΑΙ, 18.— Ἡ Βουλὴ θὰ συνεχίσῃ σήμερον τὴν συζήτησιν, κατὰ τὴν ὁποίαν ἀναμένεται νὰ ληφθῇ ἀπόφασις ἐπὶ τοῦ θέματος. Κατὰ τὰς πληροφορίας, ἡ κυβέρνησις προτίθεται νὰ προβῇ εἰς δηλώσεις, ἐνῷ ἡ ἀντιπολίτευσις ἐπιμένει εἰς τὰς ἀπόψεις της. Αἱ διαπραγματεύσεις συνεχίζονται καὶ ἀναμένονται νέαι ἐξελίξεις κατὰ τὰς προσεχεῖς ἡμέρας, ὡς ἀνεκοινώθη ἐπισήμως. ΑΘΗΝΑΙ, 18.— Ἡ Βουλὴ θὰ συνεχίσῃ σήμερον τὴν συζήτησιν, κατὰ τὴν ὁποίαν ἀναμένεται νὰ ληφθῇ ἀπόφασις ἐπὶ τοῦ θέματος. Κατὰ τὰς πληροφορίας, ἡ κυβέρνησις προτίθεται νὰ προβῇ εἰς δηλώσεις, ἐνῷ ἡ ἀντιπολίτευσις ἐπιμένει εἰς τὰς ἀπόψεις της. Αἱ διαπραγματεύσεις συνεχίζονται καὶ ἀναμένονται νέαι ἐξελίξεις κατὰ τὰς προσεχεῖς ἡμέρας, ὡς ἀνεκοινώθη ἐπισήμως.

ΑΠΟΝΟΜΟΝ ΕΙΣ Ν. ΒΙΕΤΝΑΜ

ΑΘΗΝΑΙ, 18.— Ἡ Βουλὴ θὰ συνεχίσῃ σήμερον τὴν συζήτησιν, κατὰ τὴν ὁποίαν ἀναμένεται νὰ ληφθῇ ἀπόφασις ἐπὶ τοῦ θέματος. Κατὰ τὰς πληροφορίας, ἡ κυβέρνησις προτίθεται νὰ προβῇ εἰς δηλώσεις, ἐνῷ ἡ ἀντιπολίτευσις ἐπιμένει εἰς τὰς ἀπόψεις της. Αἱ διαπραγματεύσεις συνεχίζονται καὶ ἀναμένονται νέαι ἐξελίξεις κατὰ τὰς προσεχεῖς ἡμέρας, ὡς ἀνεκοινώθη ἐπισήμως.

Η ΣΥΜΜΕΤΟΧΗ ΤΗΣ ΜΑΛΑΙΣΙΑΣ

ΑΘΗΝΑΙ, 18.— Ἡ Βουλὴ θὰ συνεχίσῃ σήμερον τὴν συζήτησιν, κατὰ τὴν ὁποίαν ἀναμένεται νὰ ληφθῇ ἀπόφασις ἐπὶ τοῦ θέματος. Κατὰ τὰς πληροφορίας, ἡ κυβέρνησις προτίθεται νὰ προβῇ εἰς δηλώσεις, ἐνῷ ἡ ἀντιπολίτευσις ἐπιμένει εἰς τὰς ἀπόψεις της. Αἱ διαπραγματεύσεις συνεχίζονται καὶ ἀναμένονται νέαι ἐξελίξεις κατὰ τὰς προσεχεῖς ἡμέρας, ὡς ἀνεκοινώθη ἐπισήμως.

ΕΜΑΓΑΙΟΝ ΕΠΙΣΚΕΨΕ ΤΟΥΡΚΟΝ ΥΠΟΥΡΓΟΝ ΤΩΝ ΟΛΛΑΝΔΩΝ

ΑΘΗΝΑΙ, 18.— Ἡ Βουλὴ θὰ συνεχίσῃ σήμερον τὴν συζήτησιν, κατὰ τὴν ὁποίαν ἀναμένεται νὰ ληφθῇ ἀπόφασις ἐπὶ τοῦ θέματος. Κατὰ τὰς πληροφορίας, ἡ κυβέρνησις προτίθεται νὰ προβῇ εἰς δηλώσεις, ἐνῷ ἡ ἀντιπολίτευσις ἐπιμένει εἰς τὰς ἀπόψεις της. Αἱ διαπραγματεύσεις συνεχίζονται καὶ ἀναμένονται νέαι ἐξελίξεις κατὰ τὰς προσεχεῖς ἡμέρας, ὡς ἀνεκοινώθη ἐπισήμως.

Η «ΓΥΜΝΗ ΤΑΞΙΑΡΧΙΑ» ΕΝΗ ΕΚΑΝΟΠΟΙΗΣΕ ΤΟΥΣ ΑΜΕΡΙΚΑΝΟΥΣ

ΑΘΗΝΑΙ, 18.— Ἡ Βουλὴ θὰ συνεχίσῃ σήμερον τὴν συζήτησιν, κατὰ τὴν ὁποίαν ἀναμένεται νὰ ληφθῇ ἀπόφασις ἐπὶ τοῦ θέματος. Κατὰ τὰς πληροφορίας, ἡ κυβέρνησις προτίθεται νὰ προβῇ εἰς δηλώσεις, ἐνῷ ἡ ἀντιπολίτευσις ἐπιμένει εἰς τὰς ἀπόψεις της. Αἱ διαπραγματεύσεις συνεχίζονται καὶ ἀναμένονται νέαι ἐξελίξεις κατὰ τὰς προσεχεῖς ἡμέρας, ὡς ἀνεκοινώθη ἐπισήμως.
ΕΠΙΤΡΟΠΗ ΤΗΣ Ν.Ε. ΔΙΑ ΤΟ ΘΕΜΑ ΤΗΣ ΑΠΟΙΚΙΟΚΡΑΤΙΑΣ ΕΠΡΟΤΕΙΝΕΝ ΕΙΣ ΤΟΝ ΟΡΓΑΝΙΣΜΟΝ ΤΗΣ ΜΕΤΑΦΟΡΑΝ ΤΟΥ ΣΥΜΒΟΥΛΙΟΥ ΑΣΦΑΛΕΙΑΣ ΕΙΣ ΤΗΝ ΑΦΡΙΚΗΝ
ΑΘΗΝΑΙ, 18.— Ἡ Βουλὴ θὰ συνεχίσῃ σήμερον τὴν συζήτησιν, κατὰ τὴν ὁποίαν ἀναμένεται νὰ ληφθῇ ἀπόφασις ἐπὶ τοῦ θέματος. Κατὰ τὰς πληροφορίας, ἡ κυβέρνησις προτίθεται νὰ προβῇ εἰς δηλώσεις, ἐνῷ ἡ ἀντιπολίτευσις ἐπιμένει εἰς τὰς ἀπόψεις της. Αἱ διαπραγματεύσεις συνεχίζονται καὶ ἀναμένονται νέαι ἐξελίξεις κατὰ τὰς προσεχεῖς ἡμέρας, ὡς ἀνεκοινώθη ἐπισήμως. ΑΘΗΝΑΙ, 18.— Ἡ Βουλὴ θὰ συνεχίσῃ σήμερον τὴν συζήτησιν, κατὰ τὴν ὁποίαν ἀναμένεται νὰ ληφθῇ ἀπόφασις ἐπὶ τοῦ θέματος. Κατὰ τὰς πληροφορίας, ἡ κυβέρνησις προτίθεται νὰ προβῇ εἰς δηλώσεις, ἐνῷ ἡ ἀντιπολίτευσις ἐπιμένει εἰς τὰς ἀπόψεις της. Αἱ διαπραγματεύσεις συνεχίζονται καὶ ἀναμένονται νέαι ἐξελίξεις κατὰ τὰς προσεχεῖς ἡμέρας, ὡς ἀνεκοινώθη ἐπισήμως.

ΗΥΣΗΘΗ ΤΟ ΚΥΚΛΟΦΟΡΟΥΝ ΧΑΡΤΟΝΟΜΙΣΜΑ ΑΠΟ ΣΗΜΕΡΟΝ

ΑΘΗΝΑΙ, 18.— Ἡ Βουλὴ θὰ συνεχίσῃ σήμερον τὴν συζήτησιν, κατὰ τὴν ὁποίαν ἀναμένεται νὰ ληφθῇ ἀπόφασις ἐπὶ τοῦ θέματος. Κατὰ τὰς πληροφορίας, ἡ κυβέρνησις προτίθεται νὰ προβῇ εἰς δηλώσεις, ἐνῷ ἡ ἀντιπολίτευσις ἐπιμένει εἰς τὰς ἀπόψεις της. Αἱ διαπραγματεύσεις συνεχίζονται καὶ ἀναμένονται νέαι ἐξελίξεις κατὰ τὰς προσεχεῖς ἡμέρας, ὡς ἀνεκοινώθη ἐπισήμως.

Η ΚΙΝΑ ΕΦΟΔΙΑΖΕΙ ΜΕ ΠΟΛΕΜΙΚΟΝ ΥΛΙΚΟΝ ΤΗΝ ΤΑΝΖΑΝΙΑΝ

ΑΘΗΝΑΙ, 18.— Ἡ Βουλὴ θὰ συνεχίσῃ σήμερον τὴν συζήτησιν, κατὰ τὴν ὁποίαν ἀναμένεται νὰ ληφθῇ ἀπόφασις ἐπὶ τοῦ θέματος. Κατὰ τὰς πληροφορίας, ἡ κυβέρνησις προτίθεται νὰ προβῇ εἰς δηλώσεις, ἐνῷ ἡ ἀντιπολίτευσις ἐπιμένει εἰς τὰς ἀπόψεις της. Αἱ διαπραγματεύσεις συνεχίζονται καὶ ἀναμένονται νέαι ἐξελίξεις κατὰ τὰς προσεχεῖς ἡμέρας, ὡς ἀνεκοινώθη ἐπισήμως.
ΓΙΓΑΝΤΙΑΙΟΝ ΚΕΝΤΡΟΝ ΠΥΡΗΝΙΚΩΝ ΕΡΕΥΝΩΝ ΘΑ ΚΑΤΑΣΚΕΥΑΣΘΗ ΕΙΣ ΤΗΝ ΓΕΝΕΥΗΝ ΥΠΟ ΕΥΡΩΠΑΪΚΟΥ ΑΤΟΜΙΚΟΥ ΟΡΓΑΝΙΣΜΟΥ
ΑΘΗΝΑΙ, 18.— Ἡ Βουλὴ θὰ συνεχίσῃ σήμερον τὴν συζήτησιν, κατὰ τὴν ὁποίαν ἀναμένεται νὰ ληφθῇ ἀπόφασις ἐπὶ τοῦ θέματος. Κατὰ τὰς πληροφορίας, ἡ κυβέρνησις προτίθεται νὰ προβῇ εἰς δηλώσεις, ἐνῷ ἡ ἀντιπολίτευσις ἐπιμένει εἰς τὰς ἀπόψεις της. Αἱ διαπραγματεύσεις συνεχίζονται καὶ ἀναμένονται νέαι ἐξελίξεις κατὰ τὰς προσεχεῖς ἡμέρας, ὡς ἀνεκοινώθη ἐπισήμως. ΑΘΗΝΑΙ, 18.— Ἡ Βουλὴ θὰ συνεχίσῃ σήμερον τὴν συζήτησιν, κατὰ τὴν ὁποίαν ἀναμένεται νὰ ληφθῇ ἀπόφασις ἐπὶ τοῦ θέματος. Κατὰ τὰς πληροφορίας, ἡ κυβέρνησις προτίθεται νὰ προβῇ εἰς δηλώσεις, ἐνῷ ἡ ἀντιπολίτευσις ἐπιμένει εἰς τὰς ἀπόψεις της. Αἱ διαπραγματεύσεις συνεχίζονται καὶ ἀναμένονται νέαι ἐξελίξεις κατὰ τὰς προσεχεῖς ἡμέρας, ὡς ἀνεκοινώθη ἐπισήμως.

ΞΥΛΙΝΟΙ ΣΤΑΥΡΟΙ ΤΗΣ ΚΛΗΣ ΚΑΙ ΕΙΣ ΚΑΡΝΤΙΦ

ΑΘΗΝΑΙ, 18.— Ἡ Βουλὴ θὰ συνεχίσῃ σήμερον τὴν συζήτησιν, κατὰ τὴν ὁποίαν ἀναμένεται νὰ ληφθῇ ἀπόφασις ἐπὶ τοῦ θέματος. Κατὰ τὰς πληροφορίας, ἡ κυβέρνησις προτίθεται νὰ προβῇ εἰς δηλώσεις, ἐνῷ ἡ ἀντιπολίτευσις ἐπιμένει εἰς τὰς ἀπόψεις της. Αἱ διαπραγματεύσεις συνεχίζονται καὶ ἀναμένονται νέαι ἐξελίξεις κατὰ τὰς προσεχεῖς ἡμέρας, ὡς ἀνεκοινώθη ἐπισήμως.
Η παραγραφὴ θὰ ἰσχύσῃ καὶ διὰ τὴν πρότασιν περὶ «μυστικῶν κονδυλίων»

Η ΕΠΙΤΡΟΠΗ ΔΙΑ ΤΑΣ ΥΠΕΡΒΑΣΕΙΣ ΘΑ ΣΥΓΚΡΟΤΗΘΗ ΟΠΩΣΔΗΠΟΤΕ

Ὁ Ἀβέρωφ ἐπιτίθεται

ΑΘΗΝΑΙ, 18.— Ἡ Βουλὴ θὰ συνεχίσῃ σήμερον τὴν συζήτησιν, κατὰ τὴν ὁποίαν ἀναμένεται νὰ ληφθῇ ἀπόφασις ἐπὶ τοῦ θέματος. Κατὰ τὰς πληροφορίας, ἡ κυβέρνησις προτίθεται νὰ προβῇ εἰς δηλώσεις, ἐνῷ ἡ ἀντιπολίτευσις ἐπιμένει εἰς τὰς ἀπόψεις της. Αἱ διαπραγματεύσεις συνεχίζονται καὶ ἀναμένονται νέαι ἐξελίξεις κατὰ τὰς προσεχεῖς ἡμέρας, ὡς ἀνεκοινώθη ἐπισήμως.

ΘΑ ΣΥΓΚΡΟΤΗΘΗ

ΑΘΗΝΑΙ, 18.— Ἡ Βουλὴ θὰ συνεχίσῃ σήμερον τὴν συζήτησιν, κατὰ τὴν ὁποίαν ἀναμένεται νὰ ληφθῇ ἀπόφασις ἐπὶ τοῦ θέματος. Κατὰ τὰς πληροφορίας, ἡ κυβέρνησις προτίθεται νὰ προβῇ εἰς δηλώσεις, ἐνῷ ἡ ἀντιπολίτευσις ἐπιμένει εἰς τὰς ἀπόψεις της. Αἱ διαπραγματεύσεις συνεχίζονται καὶ ἀναμένονται νέαι ἐξελίξεις κατὰ τὰς προσεχεῖς ἡμέρας, ὡς ἀνεκοινώθη ἐπισήμως.

ΘΕΜΑΤΙ ΖΗΤΗΣΕΙΝ

ΑΘΗΝΑΙ, 18.— Ἡ Βουλὴ θὰ συνεχίσῃ σήμερον τὴν συζήτησιν, κατὰ τὴν ὁποίαν ἀναμένεται νὰ ληφθῇ ἀπόφασις ἐπὶ τοῦ θέματος. Κατὰ τὰς πληροφορίας, ἡ κυβέρνησις προτίθεται νὰ προβῇ εἰς δηλώσεις, ἐνῷ ἡ ἀντιπολίτευσις ἐπιμένει εἰς τὰς ἀπόψεις της. Αἱ διαπραγματεύσεις συνεχίζονται καὶ ἀναμένονται νέαι ἐξελίξεις κατὰ τὰς προσεχεῖς ἡμέρας, ὡς ἀνεκοινώθη ἐπισήμως.

ΕΝ ΤΩ ΠΑΡΑΤΑΞΕΙ

ΑΘΗΝΑΙ, 18.— Ἡ Βουλὴ θὰ συνεχίσῃ σήμερον τὴν συζήτησιν, κατὰ τὴν ὁποίαν ἀναμένεται νὰ ληφθῇ ἀπόφασις ἐπὶ τοῦ θέματος. Κατὰ τὰς πληροφορίας, ἡ κυβέρνησις προτίθεται νὰ προβῇ εἰς δηλώσεις, ἐνῷ ἡ ἀντιπολίτευσις ἐπιμένει εἰς τὰς ἀπόψεις της. Αἱ διαπραγματεύσεις συνεχίζονται καὶ ἀναμένονται νέαι ἐξελίξεις κατὰ τὰς προσεχεῖς ἡμέρας, ὡς ἀνεκοινώθη ἐπισήμως.
ΑΤΟΜΙΚΗ ΕΝΕΡΓΕΙΑ ΘΑ ΧΡΗΣΙΜΟΠΟΙΗΘΗ ΣΥΝΤΟΜΩΣ ΔΙΑ ΤΗΝ ΠΑΡΑΓΩΓΗΝ ΗΛΕΚΤΡΙΚΟΥ ΡΕΥΜΑΤΟΣ ΠΡΟΣ ΚΑΛΥΨΙΝ ΤΩΝ ΑΝΑΓΚΩΝ ΤΩΝ ΧΩΡΩΝ ΤΗΣ ΕΟΚ
ΑΘΗΝΑΙ, 18.— Ἡ Βουλὴ θὰ συνεχίσῃ σήμερον τὴν συζήτησιν, κατὰ τὴν ὁποίαν ἀναμένεται νὰ ληφθῇ ἀπόφασις ἐπὶ τοῦ θέματος. Κατὰ τὰς πληροφορίας, ἡ κυβέρνησις προτίθεται νὰ προβῇ εἰς δηλώσεις, ἐνῷ ἡ ἀντιπολίτευσις ἐπιμένει εἰς τὰς ἀπόψεις της. Αἱ διαπραγματεύσεις συνεχίζονται καὶ ἀναμένονται νέαι ἐξελίξεις κατὰ τὰς προσεχεῖς ἡμέρας, ὡς ἀνεκοινώθη ἐπισήμως. ΑΘΗΝΑΙ, 18.— Ἡ Βουλὴ θὰ συνεχίσῃ σήμερον τὴν συζήτησιν, κατὰ τὴν ὁποίαν ἀναμένεται νὰ ληφθῇ ἀπόφασις ἐπὶ τοῦ θέματος. Κατὰ τὰς πληροφορίας, ἡ κυβέρνησις προτίθεται νὰ προβῇ εἰς δηλώσεις, ἐνῷ ἡ ἀντιπολίτευσις ἐπιμένει εἰς τὰς ἀπόψεις της. Αἱ διαπραγματεύσεις συνεχίζονται καὶ ἀναμένονται νέαι ἐξελίξεις κατὰ τὰς προσεχεῖς ἡμέρας, ὡς ἀνεκοινώθη ἐπισήμως.

ΑΝΑΤΟΛΙΚΟΓΕΡΜΑΝΙΚΑ ΑΕΡΟΠΛΑΝΑ ΕΠΕΡΙΠΤΗΣΑΝ ΤΟΥ ΑΝΤ. ΒΕΡΟΛΙΝΟΥ

ΑΘΗΝΑΙ, 18.— Ἡ Βουλὴ θὰ συνεχίσῃ σήμερον τὴν συζήτησιν, κατὰ τὴν ὁποίαν ἀναμένεται νὰ ληφθῇ ἀπόφασις ἐπὶ τοῦ θέματος. Κατὰ τὰς πληροφορίας, ἡ κυβέρνησις προτίθεται νὰ προβῇ εἰς δηλώσεις, ἐνῷ ἡ ἀντιπολίτευσις ἐπιμένει εἰς τὰς ἀπόψεις της. Αἱ διαπραγματεύσεις συνεχίζονται καὶ ἀναμένονται νέαι ἐξελίξεις κατὰ τὰς προσεχεῖς ἡμέρας, ὡς ἀνεκοινώθη ἐπισήμως.

ΘΑ ΒΑΛΛΟΝΤΑΙ ΤΑ ΠΛΟΙΑ ΤΑ ΠΑΡΑΒΙΑΖΟΝΤΑ ΤΑ ΙΝΔΟΝΗΣΙΑΚΑ ΥΔΑΤΑ

ΑΘΗΝΑΙ, 18.— Ἡ Βουλὴ θὰ συνεχίσῃ σήμερον τὴν συζήτησιν, κατὰ τὴν ὁποίαν ἀναμένεται νὰ ληφθῇ ἀπόφασις ἐπὶ τοῦ θέματος. Κατὰ τὰς πληροφορίας, ἡ κυβέρνησις προτίθεται νὰ προβῇ εἰς δηλώσεις, ἐνῷ ἡ ἀντιπολίτευσις ἐπιμένει εἰς τὰς ἀπόψεις της. Αἱ διαπραγματεύσεις συνεχίζονται καὶ ἀναμένονται νέαι ἐξελίξεις κατὰ τὰς προσεχεῖς ἡμέρας, ὡς ἀνεκοινώθη ἐπισήμως.

ΠΑΡΑΜΕΝΟΥΝ ΣΤΑΘΕΡΑ ΤΑ ΑΠΟΘΕΜΑΤΑ ΤΗΣ ΓΑΛΛΙΚΗΣ ΤΡΑΠΕΖΗΣ

ΑΘΗΝΑΙ, 18.— Ἡ Βουλὴ θὰ συνεχίσῃ σήμερον τὴν συζήτησιν, κατὰ τὴν ὁποίαν ἀναμένεται νὰ ληφθῇ ἀπόφασις ἐπὶ τοῦ θέματος. Κατὰ τὰς πληροφορίας, ἡ κυβέρνησις προτίθεται νὰ προβῇ εἰς δηλώσεις, ἐνῷ ἡ ἀντιπολίτευσις ἐπιμένει εἰς τὰς ἀπόψεις της. Αἱ διαπραγματεύσεις συνεχίζονται καὶ ἀναμένονται νέαι ἐξελίξεις κατὰ τὰς προσεχεῖς ἡμέρας, ὡς ἀνεκοινώθη ἐπισήμως.
ΒΕΛΓΟΣ ΔΗΜΟΣΙΟΓΡΑΦΟΣ ΘΕΩΡΕΙ ΑΡΙΣΤΑΣ ΤΑΣ ΣΥΝΘΗΚΑΣ ΠΑΡΑΜΟΝΗΣ ΤΩΝ ΞΕΝΩΝ ΕΙΣ ΠΛΕΙΣΤΑΣ ΤΩΝ ΠΕΡΙΟΧΩΝ ΤΗΣ ΕΛΛΑΔΟΣ
ΑΘΗΝΑΙ, 18.— Ἡ Βουλὴ θὰ συνεχίσῃ σήμερον τὴν συζήτησιν, κατὰ τὴν ὁποίαν ἀναμένεται νὰ ληφθῇ ἀπόφασις ἐπὶ τοῦ θέματος. Κατὰ τὰς πληροφορίας, ἡ κυβέρνησις προτίθεται νὰ προβῇ εἰς δηλώσεις, ἐνῷ ἡ ἀντιπολίτευσις ἐπιμένει εἰς τὰς ἀπόψεις της. Αἱ διαπραγματεύσεις συνεχίζονται καὶ ἀναμένονται νέαι ἐξελίξεις κατὰ τὰς προσεχεῖς ἡμέρας, ὡς ἀνεκοινώθη ἐπισήμως.

ΑΝΤΙΑΜΕΡΙΚΑΝΙΚΑΙ ΔΙΑΔΗΛΩΣΕΙΣ ΕΙΣ ΝΟΤ. ΚΟΡΕΑΝ

ΑΘΗΝΑΙ, 18.— Ἡ Βουλὴ θὰ συνεχίσῃ σήμερον τὴν συζήτησιν, κατὰ τὴν ὁποίαν ἀναμένεται νὰ ληφθῇ ἀπόφασις ἐπὶ τοῦ θέματος. Κατὰ τὰς πληροφορίας, ἡ κυβέρνησις προτίθεται νὰ προβῇ εἰς δηλώσεις, ἐνῷ ἡ ἀντιπολίτευσις ἐπιμένει εἰς τὰς ἀπόψεις της. Αἱ διαπραγματεύσεις συνεχίζονται καὶ ἀναμένονται νέαι ἐξελίξεις κατὰ τὰς προσεχεῖς ἡμέρας, ὡς ἀνεκοινώθη ἐπισήμως.
ΔΥΣΧΕΡΗΣ, ΥΠΟΣΤΗΡΙΖΕΙ Η ΣΟΒΙΕΤΙΚΗ ΡΩΣΣΙΑ, Η ΘΕΣΙΣ ΤΗΣ ΑΓΓΛΙΑΣ ΕΙΣ ΤΗΝ ΔΙΑΣΚΕΨΙΝ ΤΩΝ ΧΩΡΩΝ-ΜΕΛΩΝ ΤΗΣ ΚΟΙΝΟΠΟΛΙΤΕΙΑΣ
ΑΘΗΝΑΙ, 18.— Ἡ Βουλὴ θὰ συνεχίσῃ σήμερον τὴν συζήτησιν, κατὰ τὴν ὁποίαν ἀναμένεται νὰ ληφθῇ ἀπόφασις ἐπὶ τοῦ θέματος. Κατὰ τὰς πληροφορίας, ἡ κυβέρνησις προτίθεται νὰ προβῇ εἰς δηλώσεις, ἐνῷ ἡ ἀντιπολίτευσις ἐπιμένει εἰς τὰς ἀπόψεις της. Αἱ διαπραγματεύσεις συνεχίζονται καὶ ἀναμένονται νέαι ἐξελίξεις κατὰ τὰς προσεχεῖς ἡμέρας, ὡς ἀνεκοινώθη ἐπισήμως.

ΘΑ ΡΥΘΜΙΣΘΗ Η ΔΙΕΝΕΞΙΣ ΙΝΔΙΩΝ ΚΑΙ ΠΑΚΙΣΤΑΝ ΔΙΑ ΤΟ ΚΟΥΤΣ

ΑΘΗΝΑΙ, 18.— Ἡ Βουλὴ θὰ συνεχίσῃ σήμερον τὴν συζήτησιν, κατὰ τὴν ὁποίαν ἀναμένεται νὰ ληφθῇ ἀπόφασις ἐπὶ τοῦ θέματος. Κατὰ τὰς πληροφορίας, ἡ κυβέρνησις προτίθεται νὰ προβῇ εἰς δηλώσεις, ἐνῷ ἡ ἀντιπολίτευσις ἐπιμένει εἰς τὰς ἀπόψεις της. Αἱ διαπραγματεύσεις συνεχίζονται καὶ ἀναμένονται νέαι ἐξελίξεις κατὰ τὰς προσεχεῖς ἡμέρας, ὡς ἀνεκοινώθη ἐπισήμως.

ΕΝΕΚΡΙΘΗ Ο ΝΕΟΣ ΠΡΟΫΠΟΛΟΓΙΣΜΟΣ ΤΗΣ ΙΛΟ

ΑΘΗΝΑΙ, 18.— Ἡ Βουλὴ θὰ συνεχίσῃ σήμερον τὴν συζήτησιν, κατὰ τὴν ὁποίαν ἀναμένεται νὰ ληφθῇ ἀπόφασις ἐπὶ τοῦ θέματος. Κατὰ τὰς πληροφορίας, ἡ κυβέρνησις προτίθεται νὰ προβῇ εἰς δηλώσεις, ἐνῷ ἡ ἀντιπολίτευσις ἐπιμένει εἰς τὰς ἀπόψεις της. Αἱ διαπραγματεύσεις συνεχίζονται καὶ ἀναμένονται νέαι ἐξελίξεις κατὰ τὰς προσεχεῖς ἡμέρας, ὡς ἀνεκοινώθη ἐπισήμως.
ΑΙ ΚΑΘΙΕΡΩΘΕΙΣΑΙ ΥΠΟ ΤΩΝ ΞΕΝΩΝ ΤΙΜΑΙ ΝΤΑΜΠΙΓΚ ΠΛΗΤΤΟΥΝ ΚΑΙΡΙΩΣ ΤΗΝ ΕΛΛΗΝΙΚΗΝ ΚΕΡΑΜΟΠΟΙΪΑΝ
ΑΘΗΝΑΙ, 18.— Ἡ Βουλὴ θὰ συνεχίσῃ σήμερον τὴν συζήτησιν, κατὰ τὴν ὁποίαν ἀναμένεται νὰ ληφθῇ ἀπόφασις ἐπὶ τοῦ θέματος. Κατὰ τὰς πληροφορίας, ἡ κυβέρνησις προτίθεται νὰ προβῇ εἰς δηλώσεις, ἐνῷ ἡ ἀντιπολίτευσις ἐπιμένει εἰς τὰς ἀπόψεις της. Αἱ διαπραγματεύσεις συνεχίζονται καὶ ἀναμένονται νέαι ἐξελίξεις κατὰ τὰς προσεχεῖς ἡμέρας, ὡς ἀνεκοινώθη ἐπισήμως. ΑΘΗΝΑΙ, 18.— Ἡ Βουλὴ θὰ συνεχίσῃ σήμερον τὴν συζήτησιν, κατὰ τὴν ὁποίαν ἀναμένεται νὰ ληφθῇ ἀπόφασις ἐπὶ τοῦ θέματος. Κατὰ τὰς πληροφορίας, ἡ κυβέρνησις προτίθεται νὰ προβῇ εἰς δηλώσεις, ἐνῷ ἡ ἀντιπολίτευσις ἐπιμένει εἰς τὰς ἀπόψεις της. Αἱ διαπραγματεύσεις συνεχίζονται καὶ ἀναμένονται νέαι ἐξελίξεις κατὰ τὰς προσεχεῖς ἡμέρας, ὡς ἀνεκοινώθη ἐπισήμως.
ΝΑΖΙΣΤΗΣ ΕΞΕΤΕΛΕΙ ΤΟΥΣ ΚΡΑΤΟΥΜΕΝΟΥΣ ΕΙΣ ΤΟΝ «ΜΑΥΡΟΝ ΤΟΙΧΟΝ» ΤΟΥ ΑΟΥΣΒΙΤΣ
ΑΘΗΝΑΙ, 18.— Ἡ Βουλὴ θὰ συνεχίσῃ σήμερον τὴν συζήτησιν, κατὰ τὴν ὁποίαν ἀναμένεται νὰ ληφθῇ ἀπόφασις ἐπὶ τοῦ θέματος. Κατὰ τὰς πληροφορίας, ἡ κυβέρνησις προτίθεται νὰ προβῇ εἰς δηλώσεις, ἐνῷ ἡ ἀντιπολίτευσις ἐπιμένει εἰς τὰς ἀπόψεις της. Αἱ διαπραγματεύσεις συνεχίζονται καὶ ἀναμένονται νέαι ἐξελίξεις κατὰ τὰς προσεχεῖς ἡμέρας, ὡς ἀνεκοινώθη ἐπισήμως.

ΕΞΟΔΟΣ ΠΡΟΣΦΥΓΩΝ ΕΚ ΜΟΖΑΜΒΙΚΗΣ ΕΙΣ ΤΟ ΜΑΛΑΟΥΙ

ΑΘΗΝΑΙ, 18.— Ἡ Βουλὴ θὰ συνεχίσῃ σήμερον τὴν συζήτησιν, κατὰ τὴν ὁποίαν ἀναμένεται νὰ ληφθῇ ἀπόφασις ἐπὶ τοῦ θέματος. Κατὰ τὰς πληροφορίας, ἡ κυβέρνησις προτίθεται νὰ προβῇ εἰς δηλώσεις, ἐνῷ ἡ ἀντιπολίτευσις ἐπιμένει εἰς τὰς ἀπόψεις της. Αἱ διαπραγματεύσεις συνεχίζονται καὶ ἀναμένονται νέαι ἐξελίξεις κατὰ τὰς προσεχεῖς ἡμέρας, ὡς ἀνεκοινώθη ἐπισήμως.
